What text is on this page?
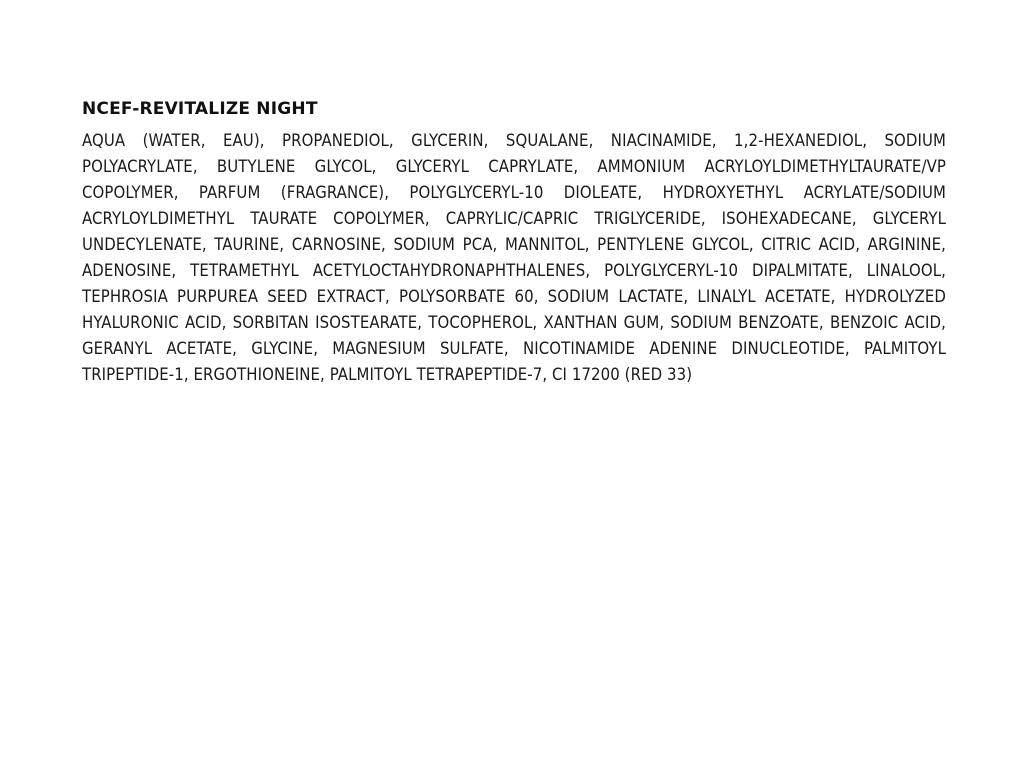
NCEF-REVITALIZE NIGHT

AQUA (WATER, EAU), PROPANEDIOL, GLYCERIN, SQUALANE, NIACINAMIDE, 1,2-HEXANEDIOL, SODIUM POLYACRYLATE, BUTYLENE GLYCOL, GLYCERYL CAPRYLATE, AMMONIUM ACRYLOYLDIMETHYLTAURATE/VP COPOLYMER, PARFUM (FRAGRANCE), POLYGLYCERYL-10 DIOLEATE, HYDROXYETHYL ACRYLATE/SODIUM ACRYLOYLDIMETHYL TAURATE COPOLYMER, CAPRYLIC/CAPRIC TRIGLYCERIDE, ISOHEXADECANE, GLYCERYL UNDECYLENATE, TAURINE, CARNOSINE, SODIUM PCA, MANNITOL, PENTYLENE GLYCOL, CITRIC ACID, ARGININE, ADENOSINE, TETRAMETHYL ACETYLOCTAHYDRONAPHTHALENES, POLYGLYCERYL-10 DIPALMITATE, LINALOOL, TEPHROSIA PURPUREA SEED EXTRACT, POLYSORBATE 60, SODIUM LACTATE, LINALYL ACETATE, HYDROLYZED HYALURONIC ACID, SORBITAN ISOSTEARATE, TOCOPHEROL, XANTHAN GUM, SODIUM BENZOATE, BENZOIC ACID, GERANYL ACETATE, GLYCINE, MAGNESIUM SULFATE, NICOTINAMIDE ADENINE DINUCLEOTIDE, PALMITOYL TRIPEPTIDE-1, ERGOTHIONEINE, PALMITOYL TETRAPEPTIDE-7, CI 17200 (RED 33)
